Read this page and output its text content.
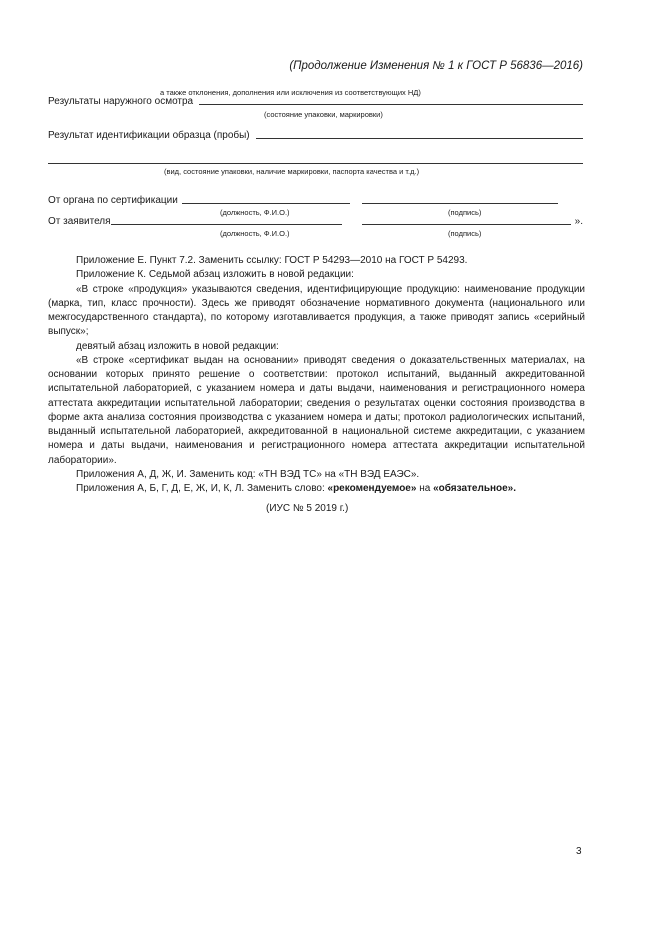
(Продолжение Изменения № 1 к ГОСТ Р 56836—2016)
а также отклонения, дополнения или исключения из соответствующих НД)
Результаты наружного осмотра
(состояние упаковки, маркировки)
Результат идентификации образца (пробы)
(вид, состояние упаковки, наличие маркировки, паспорта качества и т.д.)
От органа по сертификации
(должность, Ф.И.О.)	(подпись)
От заявителя	».
(должность, Ф.И.О.)	(подпись)

Приложение Е. Пункт 7.2. Заменить ссылку: ГОСТ Р 54293—2010 на ГОСТ Р 54293.

Приложение К. Седьмой абзац изложить в новой редакции:

«В строке «продукция» указываются сведения, идентифицирующие продукцию: наименование продукции (марка, тип, класс прочности). Здесь же приводят обозначение нормативного документа (национального или межгосударственного стандарта), по которому изготавливается продукция, а также приводят запись «серийный выпуск»;

девятый абзац изложить в новой редакции:

«В строке «сертификат выдан на основании» приводят сведения о доказательственных материалах, на основании которых принято решение о соответствии: протокол испытаний, выданный аккредитованной испытательной лабораторией, с указанием номера и даты выдачи, наименования и регистрационного номера аттестата аккредитации испытательной лаборатории; сведения о результатах оценки состояния производства в форме акта анализа состояния производства с указанием номера и даты; протокол радиологических испытаний, выданный испытательной лабораторией, аккредитованной в национальной системе аккредитации, с указанием номера и даты выдачи, наименования и регистрационного номера аттестата аккредитации испытательной лаборатории».

Приложения А, Д, Ж, И. Заменить код: «ТН ВЭД ТС» на «ТН ВЭД ЕАЭС».

Приложения А, Б, Г, Д, Е, Ж, И, К, Л. Заменить слово: «рекомендуемое» на «обязательное».

(ИУС № 5 2019 г.)
3
